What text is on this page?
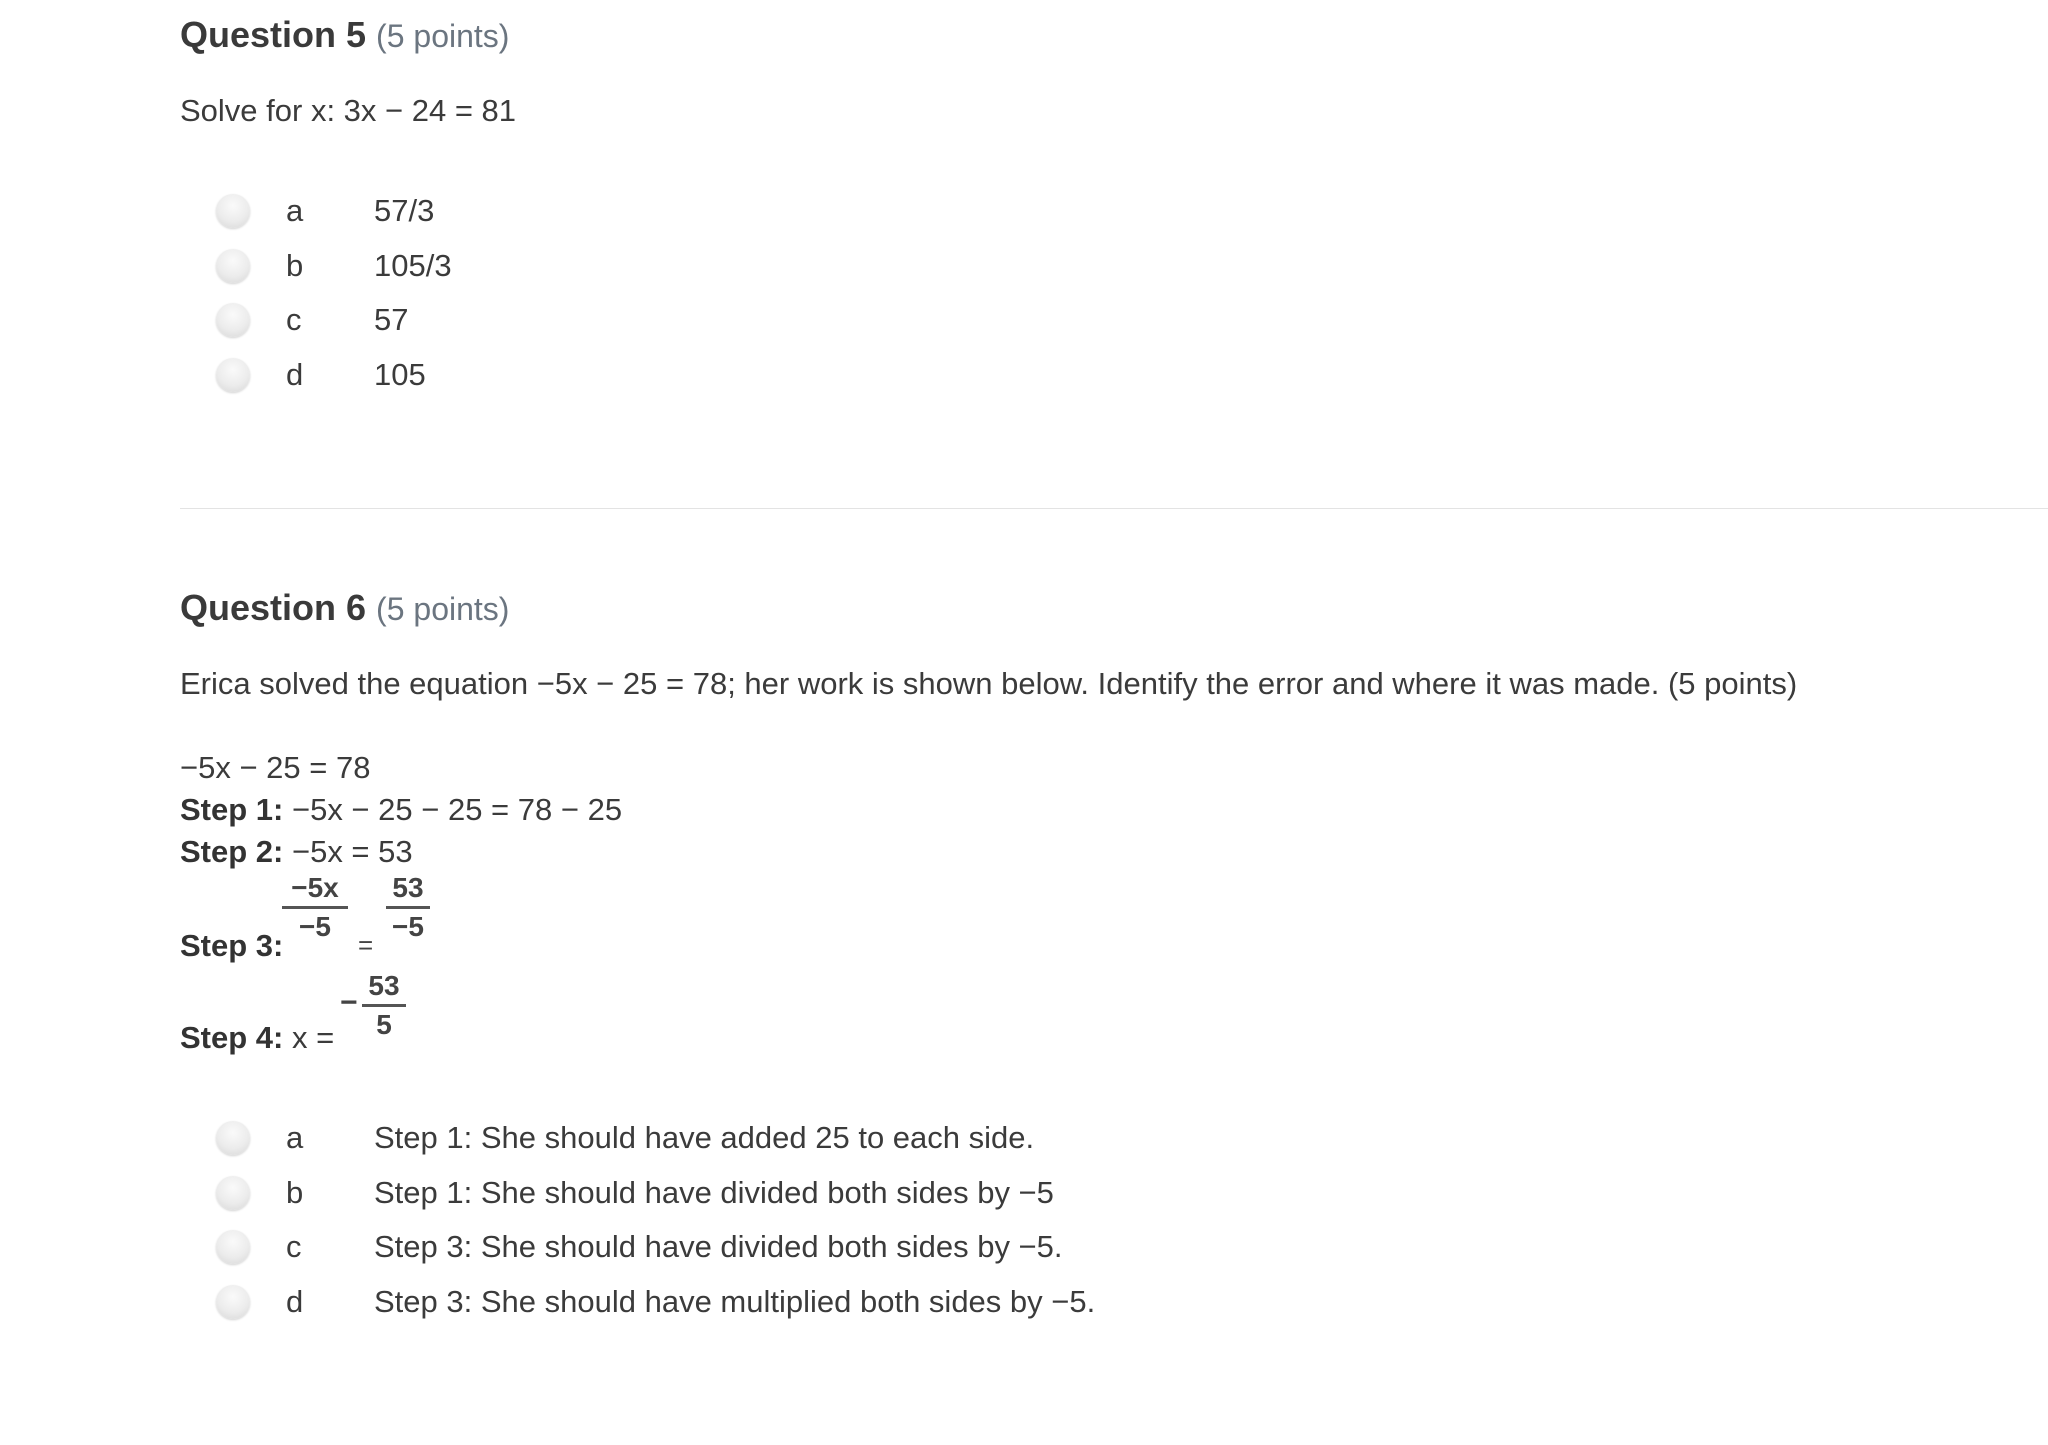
Question 5 (5 points)
Solve for x: 3x − 24 = 81
a	57/3
b	105/3
c	57
d	105
Question 6 (5 points)
Erica solved the equation −5x − 25 = 78; her work is shown below. Identify the error and where it was made. (5 points)
−5x − 25 = 78
Step 1: −5x − 25 − 25 = 78 − 25
Step 2: −5x = 53
Step 3:
−5x
−5
=
53
−5
Step 4: x =
−
53
5
a	Step 1: She should have added 25 to each side.
b	Step 1: She should have divided both sides by −5
c	Step 3: She should have divided both sides by −5.
d	Step 3: She should have multiplied both sides by −5.
